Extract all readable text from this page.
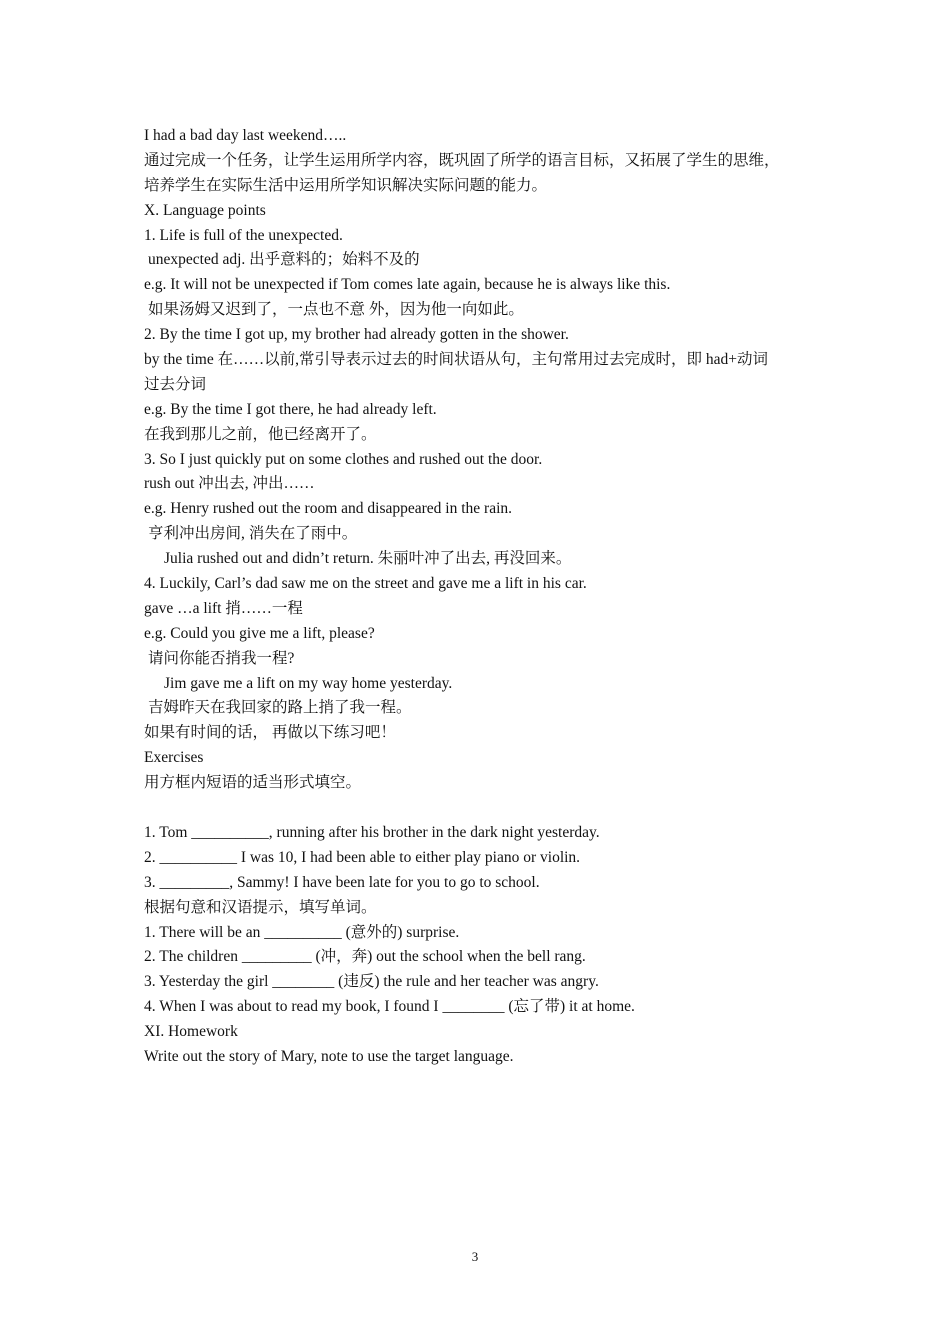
I had a bad day last weekend…..
通过完成一个任务，让学生运用所学内容，既巩固了所学的语言目标，又拓展了学生的思维，
培养学生在实际生活中运用所学知识解决实际问题的能力。
X. Language points
1. Life is full of the unexpected.
unexpected adj. 出乎意料的；始料不及的
e.g. It will not be unexpected if Tom comes late again, because he is always like this.
如果汤姆又迟到了，一点也不意 外，因为他一向如此。
2. By the time I got up, my brother had already gotten in the shower.
by the time 在……以前,常引导表示过去的时间状语从句，主句常用过去完成时，即 had+动词
过去分词
e.g. By the time I got there, he had already left.
在我到那儿之前，他已经离开了。
3. So I just quickly put on some clothes and rushed out the door.
rush out 冲出去, 冲出……
e.g. Henry rushed out the room and disappeared in the rain.
亨利冲出房间, 消失在了雨中。
Julia rushed out and didn’t return. 朱丽叶冲了出去, 再没回来。
4. Luckily, Carl’s dad saw me on the street and gave me a lift in his car.
gave …a lift 捎……一程
e.g. Could you give me a lift, please?
请问你能否捎我一程?
Jim gave me a lift on my way home yesterday.
吉姆昨天在我回家的路上捎了我一程。
如果有时间的话， 再做以下练习吧！
Exercises
用方框内短语的适当形式填空。
1. Tom __________, running after his brother in the dark night yesterday.
2. __________ I was 10, I had been able to either play piano or violin.
3. _________, Sammy! I have been late for you to go to school.
根据句意和汉语提示，填写单词。
1. There will be an __________ (意外的) surprise.
2. The children _________ (冲，奔) out the school when the bell rang.
3. Yesterday the girl ________ (违反) the rule and her teacher was angry.
4. When I was about to read my book, I found I ________ (忘了带) it at home.
XI. Homework
Write out the story of Mary, note to use the target language.
3
